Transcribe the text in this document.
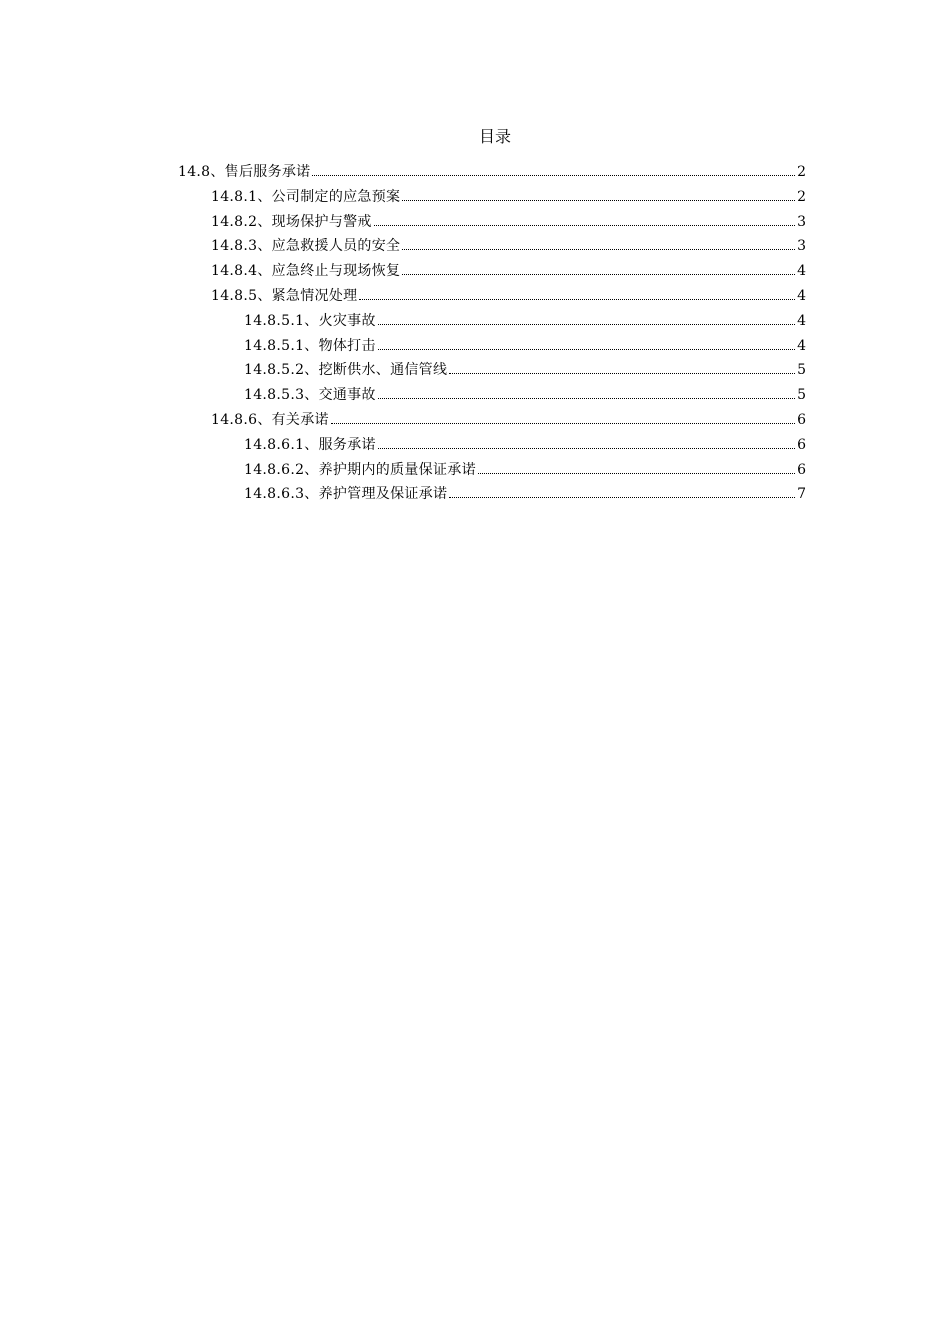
目录
14.8、售后服务承诺	2
14.8.1、公司制定的应急预案	2
14.8.2、现场保护与警戒	3
14.8.3、应急救援人员的安全	3
14.8.4、应急终止与现场恢复	4
14.8.5、紧急情况处理	4
14.8.5.1、火灾事故	4
14.8.5.1、物体打击	4
14.8.5.2、挖断供水、通信管线	5
14.8.5.3、交通事故	5
14.8.6、有关承诺	6
14.8.6.1、服务承诺	6
14.8.6.2、养护期内的质量保证承诺	6
14.8.6.3、养护管理及保证承诺	7
